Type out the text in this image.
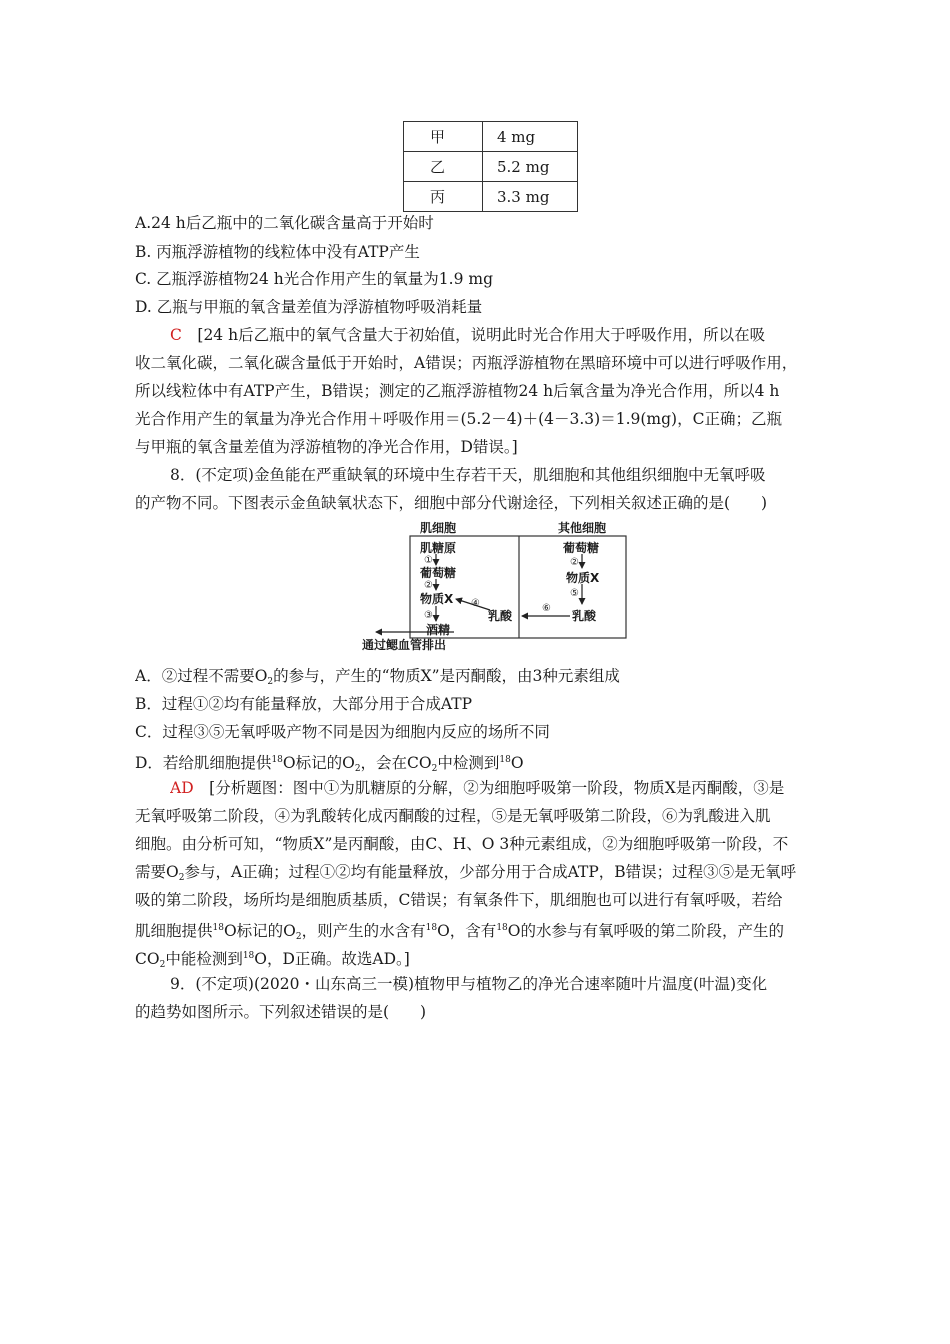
甲	4 mg
乙	5.2 mg
丙	3.3 mg
A.24 h后乙瓶中的二氧化碳含量高于开始时
B. 丙瓶浮游植物的线粒体中没有ATP产生
C. 乙瓶浮游植物24 h光合作用产生的氧量为1.9 mg
D. 乙瓶与甲瓶的氧含量差值为浮游植物呼吸消耗量
C　 [24 h后乙瓶中的氧气含量大于初始值，说明此时光合作用大于呼吸作用，所以在吸
收二氧化碳，二氧化碳含量低于开始时，A错误；丙瓶浮游植物在黑暗环境中可以进行呼吸作用，
所以线粒体中有ATP产生，B错误；测定的乙瓶浮游植物24 h后氧含量为净光合作用，所以4 h
光合作用产生的氧量为净光合作用＋呼吸作用＝(5.2－4)＋(4－3.3)＝1.9(mg)，C正确；乙瓶
与甲瓶的氧含量差值为浮游植物的净光合作用，D错误。]
8．(不定项)金鱼能在严重缺氧的环境中生存若干天，肌细胞和其他组织细胞中无氧呼吸
的产物不同。下图表示金鱼缺氧状态下，细胞中部分代谢途径，下列相关叙述正确的是(　　)
肌细胞	其他细胞
肌糖原
①
葡萄糖
②
物质X ④
③
酒精
乳酸
⑥
葡萄糖
②
物质X
⑤
乳酸
通过鳃血管排出
A．②过程不需要$O_2$的参与，产生的“物质X”是丙酮酸，由3种元素组成
B．过程①②均有能量释放，大部分用于合成ATP
C．过程③⑤无氧呼吸产物不同是因为细胞内反应的场所不同
D．若给肌细胞提供$^{18}$O标记的$O_2$，会在$CO_2$中检测到$^{18}$O
AD　 [分析题图：图中①为肌糖原的分解，②为细胞呼吸第一阶段，物质X是丙酮酸，③是
无氧呼吸第二阶段，④为乳酸转化成丙酮酸的过程，⑤是无氧呼吸第二阶段，⑥为乳酸进入肌
细胞。由分析可知，“物质X”是丙酮酸，由C、H、O 3种元素组成，②为细胞呼吸第一阶段，不
需要$O_2$参与，A正确；过程①②均有能量释放，少部分用于合成ATP，B错误；过程③⑤是无氧呼
吸的第二阶段，场所均是细胞质基质，C错误；有氧条件下，肌细胞也可以进行有氧呼吸，若给
肌细胞提供$^{18}$O标记的$O_2$，则产生的水含有$^{18}$O，含有$^{18}$O的水参与有氧呼吸的第二阶段，产生的
$CO_2$中能检测到$^{18}$O，D正确。故选AD。]
9．(不定项)(2020・山东高三一模)植物甲与植物乙的净光合速率随叶片温度(叶温)变化
的趋势如图所示。下列叙述错误的是(　　)
